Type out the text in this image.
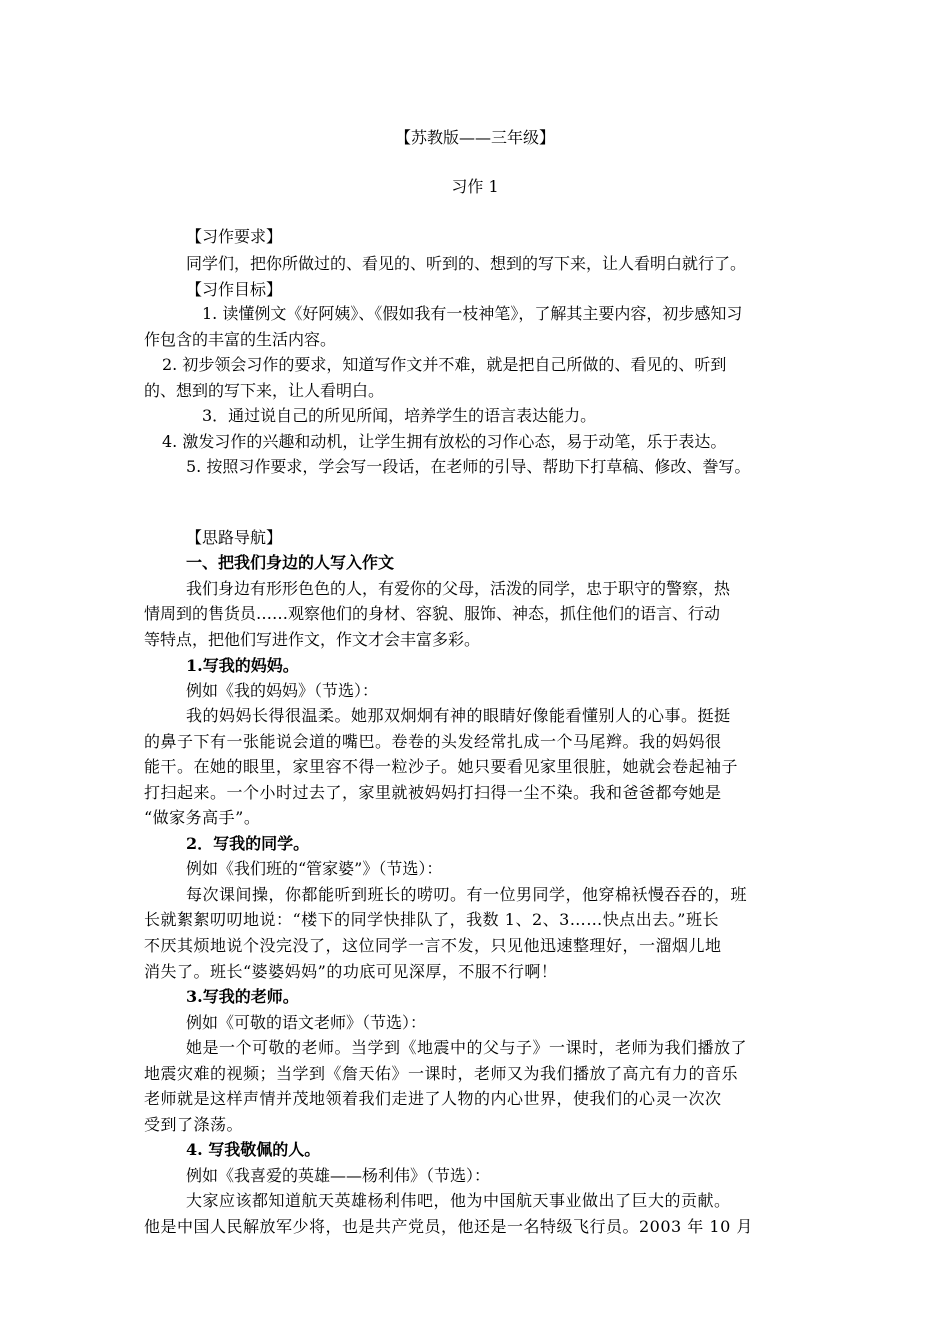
【苏教版——三年级】
习作 1
【习作要求】
同学们，把你所做过的、看见的、听到的、想到的写下来，让人看明白就行了。
【习作目标】
1. 读懂例文《好阿姨》、《假如我有一枝神笔》，了解其主要内容，初步感知习
作包含的丰富的生活内容。
2. 初步领会习作的要求，知道写作文并不难，就是把自己所做的、看见的、听到
的、想到的写下来，让人看明白。
3．通过说自己的所见所闻，培养学生的语言表达能力。
4. 激发习作的兴趣和动机，让学生拥有放松的习作心态，易于动笔，乐于表达。
5. 按照习作要求，学会写一段话，在老师的引导、帮助下打草稿、修改、誊写。
【思路导航】
一、把我们身边的人写入作文
我们身边有形形色色的人，有爱你的父母，活泼的同学，忠于职守的警察，热
情周到的售货员……观察他们的身材、容貌、服饰、神态，抓住他们的语言、行动
等特点，把他们写进作文，作文才会丰富多彩。
1.写我的妈妈。
例如《我的妈妈》（节选）：
我的妈妈长得很温柔。她那双炯炯有神的眼睛好像能看懂别人的心事。挺挺
的鼻子下有一张能说会道的嘴巴。卷卷的头发经常扎成一个马尾辫。我的妈妈很
能干。在她的眼里，家里容不得一粒沙子。她只要看见家里很脏，她就会卷起袖子
打扫起来。一个小时过去了，家里就被妈妈打扫得一尘不染。我和爸爸都夸她是
“做家务高手”。
2．写我的同学。
例如《我们班的“管家婆”》（节选）：
每次课间操，你都能听到班长的唠叨。有一位男同学，他穿棉袄慢吞吞的，班
长就絮絮叨叨地说：“楼下的同学快排队了，我数 1、2、3……快点出去。”班长
不厌其烦地说个没完没了，这位同学一言不发，只见他迅速整理好，一溜烟儿地
消失了。班长“婆婆妈妈”的功底可见深厚，不服不行啊！
3.写我的老师。
例如《可敬的语文老师》（节选）：
她是一个可敬的老师。当学到《地震中的父与子》一课时，老师为我们播放了
地震灾难的视频；当学到《詹天佑》一课时，老师又为我们播放了高亢有力的音乐
老师就是这样声情并茂地领着我们走进了人物的内心世界，使我们的心灵一次次
受到了涤荡。
4. 写我敬佩的人。
例如《我喜爱的英雄——杨利伟》（节选）：
大家应该都知道航天英雄杨利伟吧，他为中国航天事业做出了巨大的贡献。
他是中国人民解放军少将，也是共产党员，他还是一名特级飞行员。2003 年 10 月
